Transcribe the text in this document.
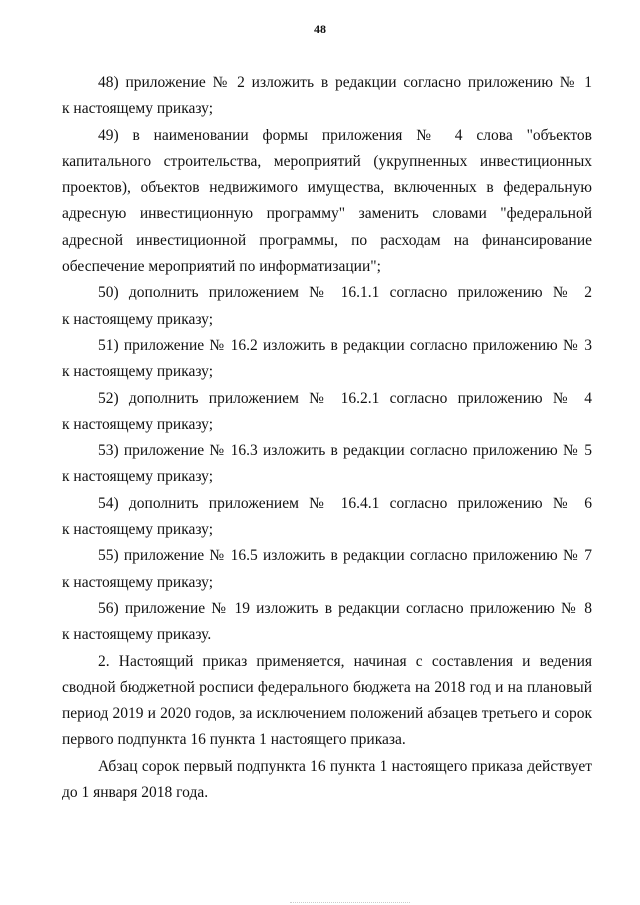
48
48) приложение № 2 изложить в редакции согласно приложению № 1
к настоящему приказу;

49) в наименовании формы приложения № 4 слова "объектов капитального строительства, мероприятий (укрупненных инвестиционных проектов), объектов недвижимого имущества, включенных в федеральную адресную инвестиционную программу" заменить словами "федеральной адресной инвестиционной программы, по расходам на финансирование обеспечение мероприятий по информатизации";

50) дополнить приложением № 16.1.1 согласно приложению № 2
к настоящему приказу;
51) приложение № 16.2 изложить в редакции согласно приложению № 3
к настоящему приказу;
52) дополнить приложением № 16.2.1 согласно приложению № 4
к настоящему приказу;
53) приложение № 16.3 изложить в редакции согласно приложению № 5
к настоящему приказу;
54) дополнить приложением № 16.4.1 согласно приложению № 6
к настоящему приказу;
55) приложение № 16.5 изложить в редакции согласно приложению № 7
к настоящему приказу;
56) приложение № 19 изложить в редакции согласно приложению № 8
к настоящему приказу.

2. Настоящий приказ применяется, начиная с составления и ведения сводной бюджетной росписи федерального бюджета на 2018 год и на плановый период 2019 и 2020 годов, за исключением положений абзацев третьего и сорок первого подпункта 16 пункта 1 настоящего приказа.

Абзац сорок первый подпункта 16 пункта 1 настоящего приказа действует до 1 января 2018 года.
